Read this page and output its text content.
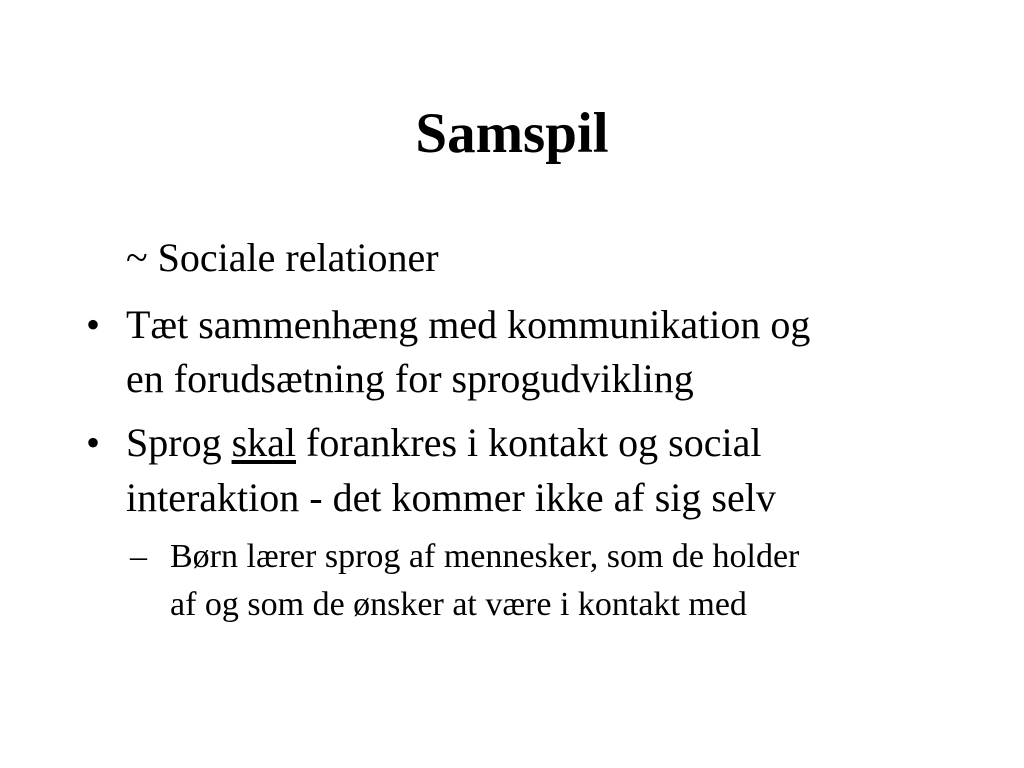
Samspil

~ Sociale relationer

• Tæt sammenhæng med kommunikation og

en forudsætning for sprogudvikling

• Sprog skal forankres i kontakt og social

interaktion - det kommer ikke af sig selv

– Børn lærer sprog af mennesker, som de holder

af og som de ønsker at være i kontakt med
